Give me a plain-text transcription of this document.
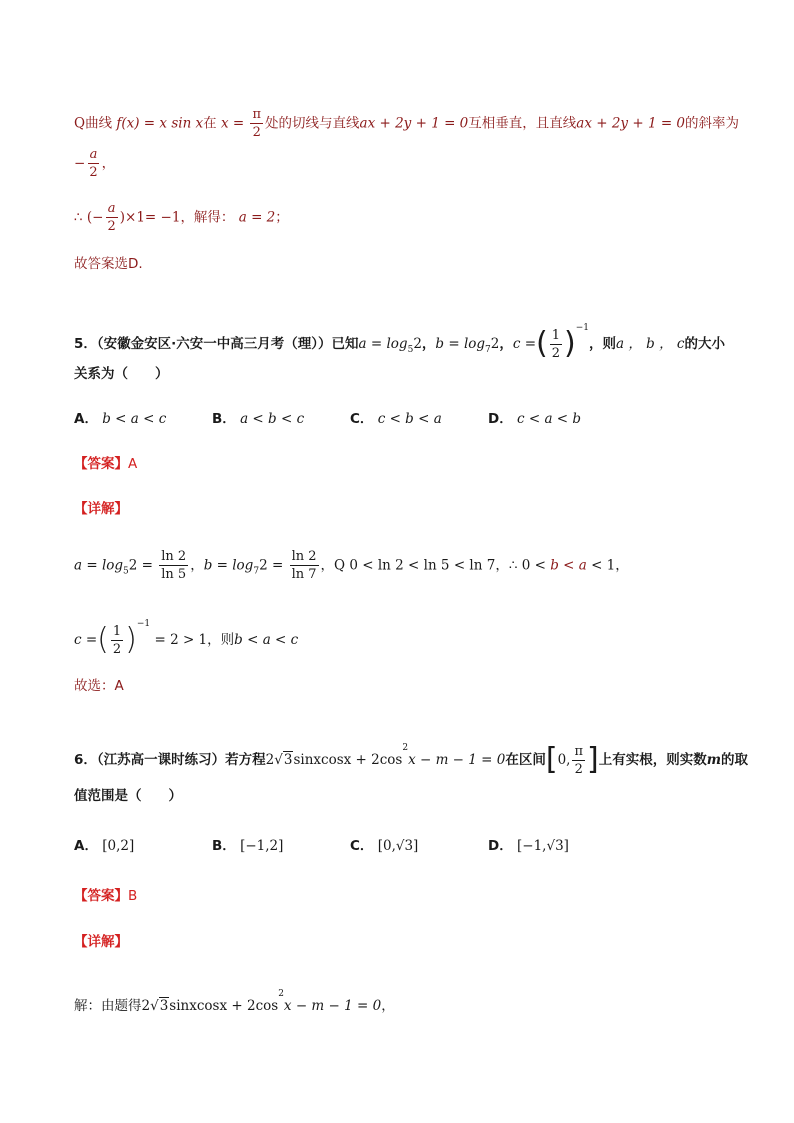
Q曲线 f(x) = x sin x在 $x = \frac{\pi}{2}$ 处的切线与直线ax + 2y + 1 = 0互相垂直，且直线ax + 2y + 1 = 0的斜率为
− $\frac{a}{2}$ ，
∴ (− $\frac{a}{2} )\times 1= -1$，解得： a = 2；
故答案选D.
5．（安徽金安区·六安一中高三月考（理））已知$a = \log_52$，$b = \log_72$，c =( $\frac{1}{2} )^{-1}$，则a ， b ， c的大小
关系为（　　）
A． b < a < c	B． a < b < c	C． c < b < a	D． c < a < b
【答案】A
【详解】
$a = \log_52 = \frac{\ln 2}{\ln 5}$ ，$b = \log_72 = \frac{\ln 2}{\ln 7}$ ，Q 0 < ln 2 < ln 5 < ln 7，∴ 0 < b < a < 1，
c =( $\frac{1}{2} )^{-1} = 2 > 1$，则b < a < c
故选：A
6．（江苏高一课时练习）若方程2√3sinxcosx + $2\cos^2x - m - 1 = 0$在区间[0, $\frac{\pi}{2}$ ]上有实根，则实数m的取
值范围是（　　）
A． [0,2]	B． [−1,2]	C． [0,√3]	D． [−1,√3]
【答案】B
【详解】
解：由题得2√3sinxcosx + $2\cos^2x - m - 1 = 0$，
